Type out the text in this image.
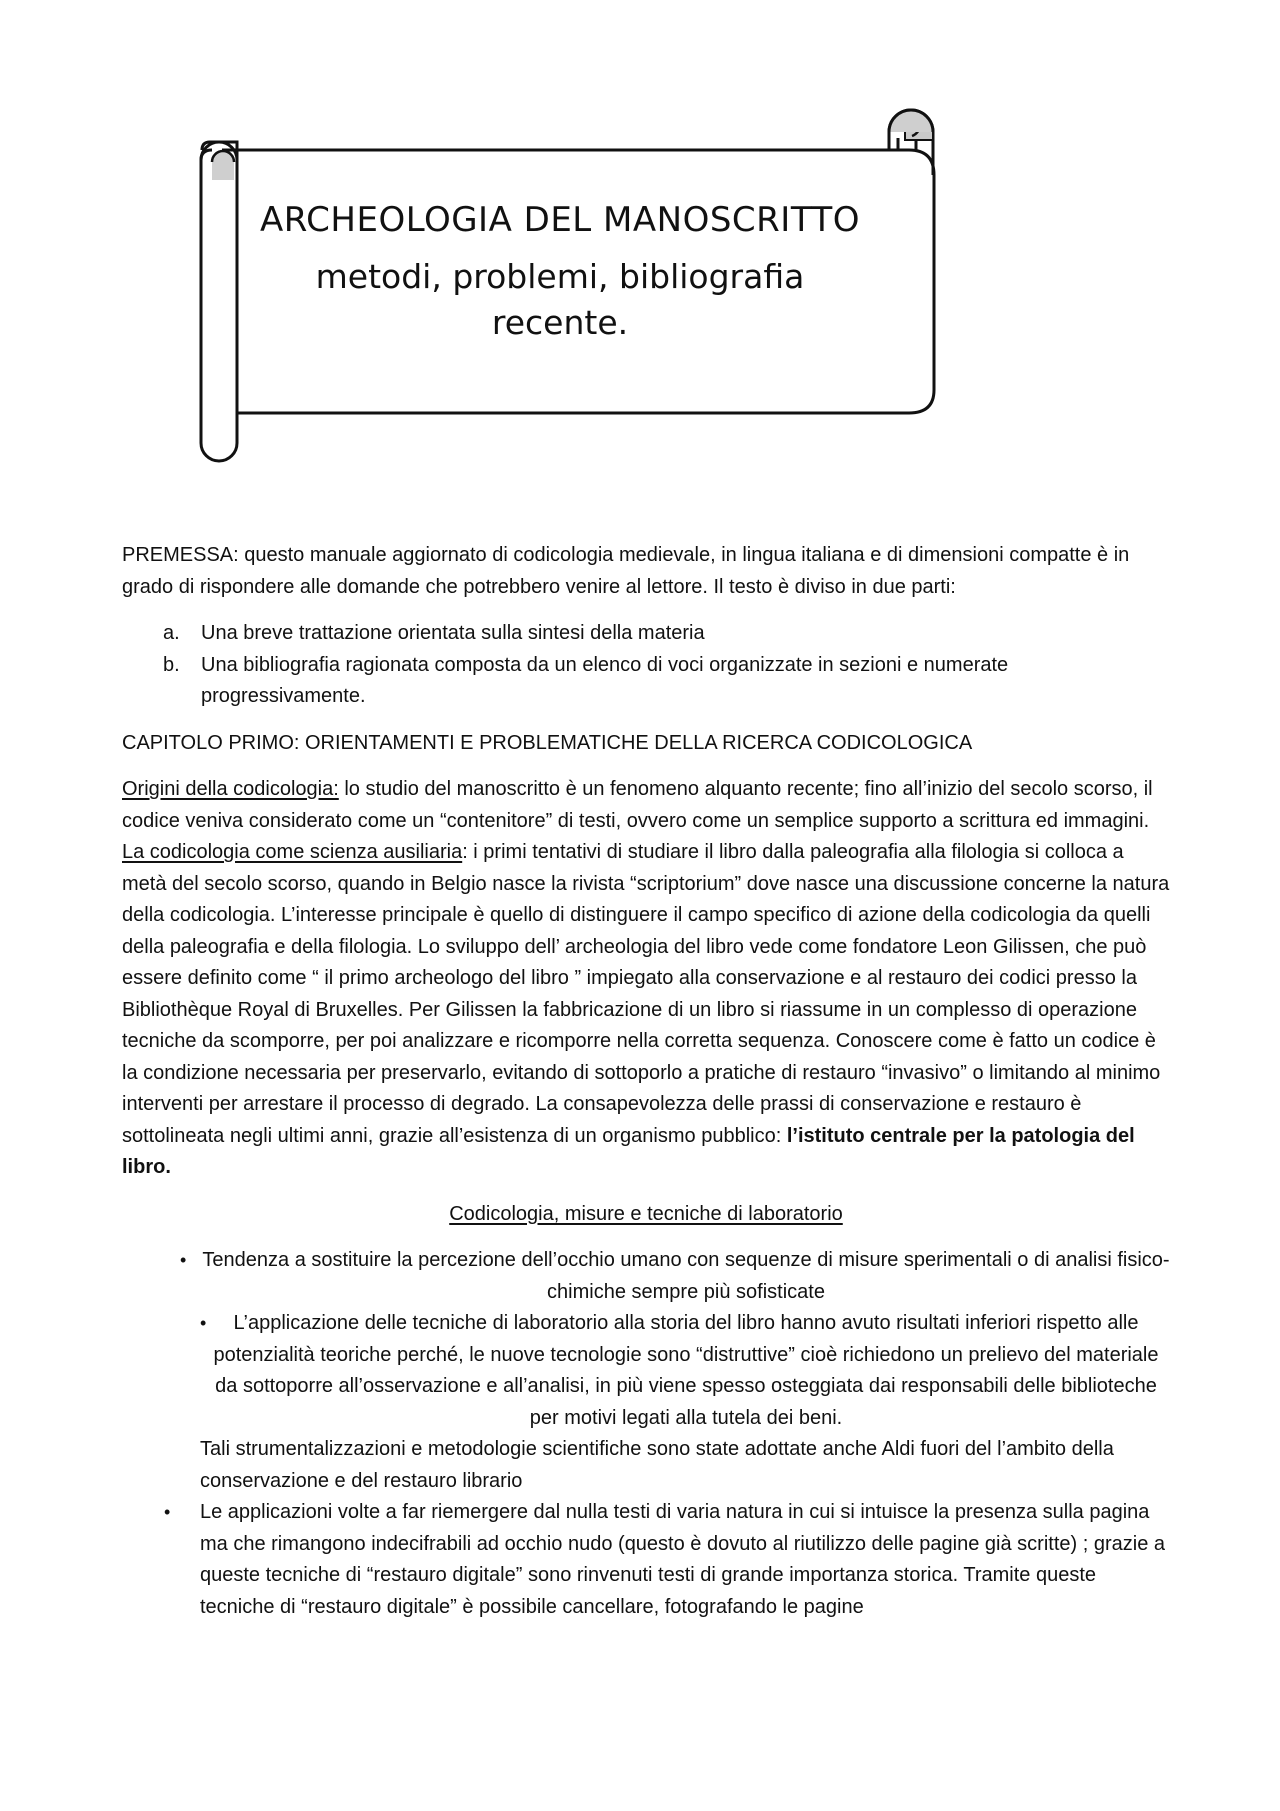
ARCHEOLOGIA DEL MANOSCRITTO
metodi, problemi, bibliografia recente.

PREMESSA: questo manuale aggiornato di codicologia medievale, in lingua italiana e di dimensioni compatte è in grado di rispondere alle domande che potrebbero venire al lettore. Il testo è diviso in due parti:

a. Una breve trattazione orientata sulla sintesi della materia
b. Una bibliografia ragionata composta da un elenco di voci organizzate in sezioni e numerate progressivamente.

CAPITOLO PRIMO: ORIENTAMENTI E PROBLEMATICHE DELLA RICERCA CODICOLOGICA

Origini della codicologia: lo studio del manoscritto è un fenomeno alquanto recente; fino all’inizio del secolo scorso, il codice veniva considerato come un “contenitore” di testi, ovvero come un semplice supporto a scrittura ed immagini. La codicologia come scienza ausiliaria: i primi tentativi di studiare il libro dalla paleografia alla filologia si colloca a metà del secolo scorso, quando in Belgio nasce la rivista “scriptorium” dove nasce una discussione concerne la natura della codicologia. L’interesse principale è quello di distinguere il campo specifico di azione della codicologia da quelli della paleografia e della filologia. Lo sviluppo dell’ archeologia del libro vede come fondatore Leon Gilissen, che può essere definito come “ il primo archeologo del libro ” impiegato alla conservazione e al restauro dei codici presso la Bibliothèque Royal di Bruxelles. Per Gilissen la fabbricazione di un libro si riassume in un complesso di operazione tecniche da scomporre, per poi analizzare e ricomporre nella corretta sequenza. Conoscere come è fatto un codice è la condizione necessaria per preservarlo, evitando di sottoporlo a pratiche di restauro “invasivo” o limitando al minimo interventi per arrestare il processo di degrado. La consapevolezza delle prassi di conservazione e restauro è sottolineata negli ultimi anni, grazie all’esistenza di un organismo pubblico: l’istituto centrale per la patologia del libro.

Codicologia, misure e tecniche di laboratorio

• Tendenza a sostituire la percezione dell’occhio umano con sequenze di misure sperimentali o di analisi fisico-chimiche sempre più sofisticate
• L’applicazione delle tecniche di laboratorio alla storia del libro hanno avuto risultati inferiori rispetto alle potenzialità teoriche perché, le nuove tecnologie sono “distruttive” cioè richiedono un prelievo del materiale da sottoporre all’osservazione e all’analisi, in più viene spesso osteggiata dai responsabili delle biblioteche per motivi legati alla tutela dei beni.

Tali strumentalizzazioni e metodologie scientifiche sono state adottate anche Aldi fuori del l’ambito della conservazione e del restauro librario

• Le applicazioni volte a far riemergere dal nulla testi di varia natura in cui si intuisce la presenza sulla pagina ma che rimangono indecifrabili ad occhio nudo (questo è dovuto al riutilizzo delle pagine già scritte) ; grazie a queste tecniche di “restauro digitale” sono rinvenuti testi di grande importanza storica. Tramite queste tecniche di “restauro digitale” è possibile cancellare, fotografando le pagine
